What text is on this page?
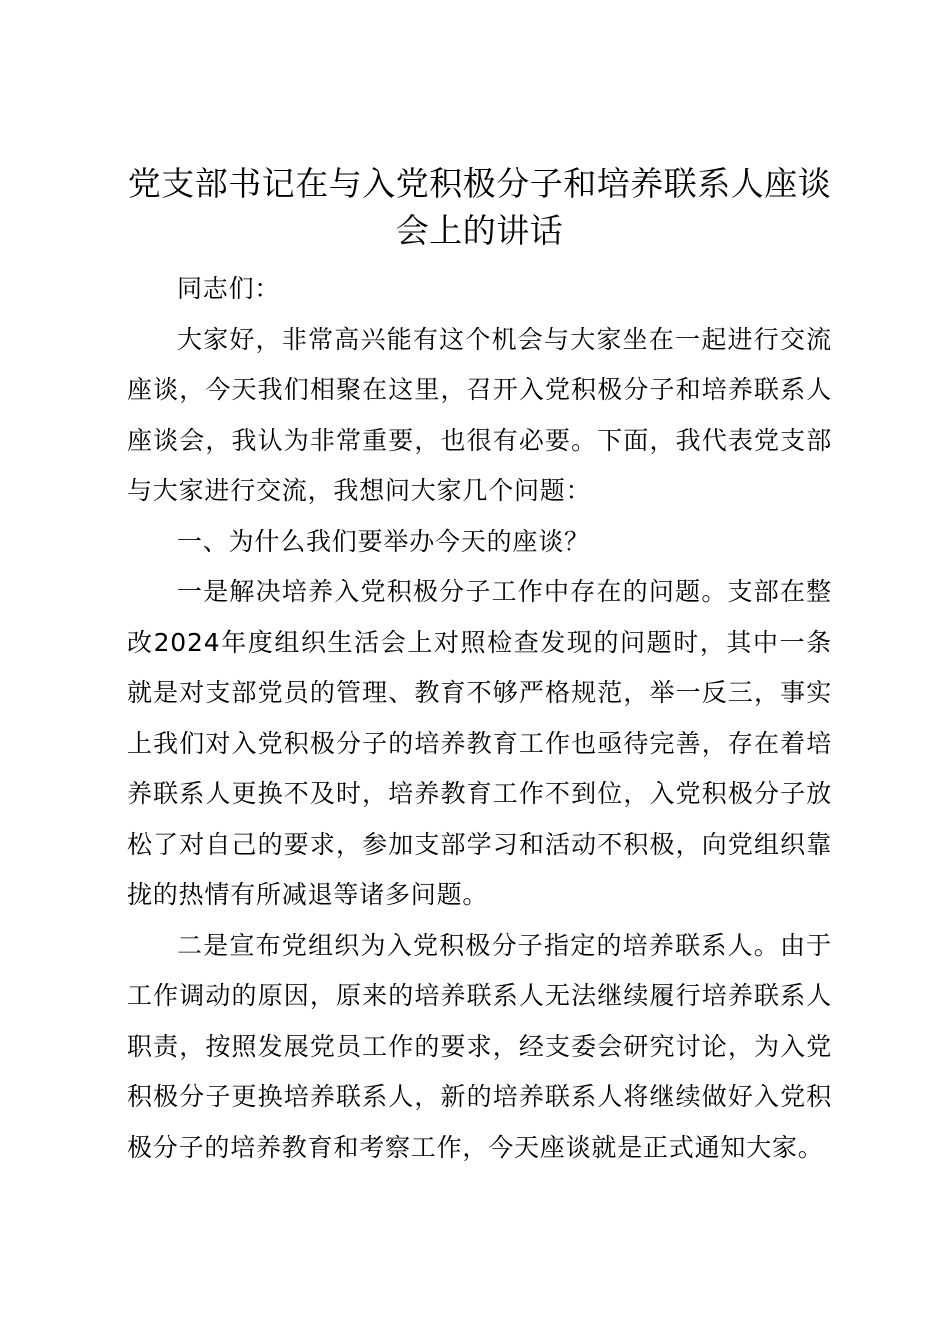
党支部书记在与入党积极分子和培养联系人座谈会上的讲话

同志们：

大家好，非常高兴能有这个机会与大家坐在一起进行交流座谈，今天我们相聚在这里，召开入党积极分子和培养联系人座谈会，我认为非常重要，也很有必要。下面，我代表党支部与大家进行交流，我想问大家几个问题：

一、为什么我们要举办今天的座谈？

一是解决培养入党积极分子工作中存在的问题。支部在整改2024年度组织生活会上对照检查发现的问题时，其中一条就是对支部党员的管理、教育不够严格规范，举一反三，事实上我们对入党积极分子的培养教育工作也亟待完善，存在着培养联系人更换不及时，培养教育工作不到位，入党积极分子放松了对自己的要求，参加支部学习和活动不积极，向党组织靠拢的热情有所减退等诸多问题。

二是宣布党组织为入党积极分子指定的培养联系人。由于工作调动的原因，原来的培养联系人无法继续履行培养联系人职责，按照发展党员工作的要求，经支委会研究讨论，为入党积极分子更换培养联系人，新的培养联系人将继续做好入党积极分子的培养教育和考察工作，今天座谈就是正式通知大家。
